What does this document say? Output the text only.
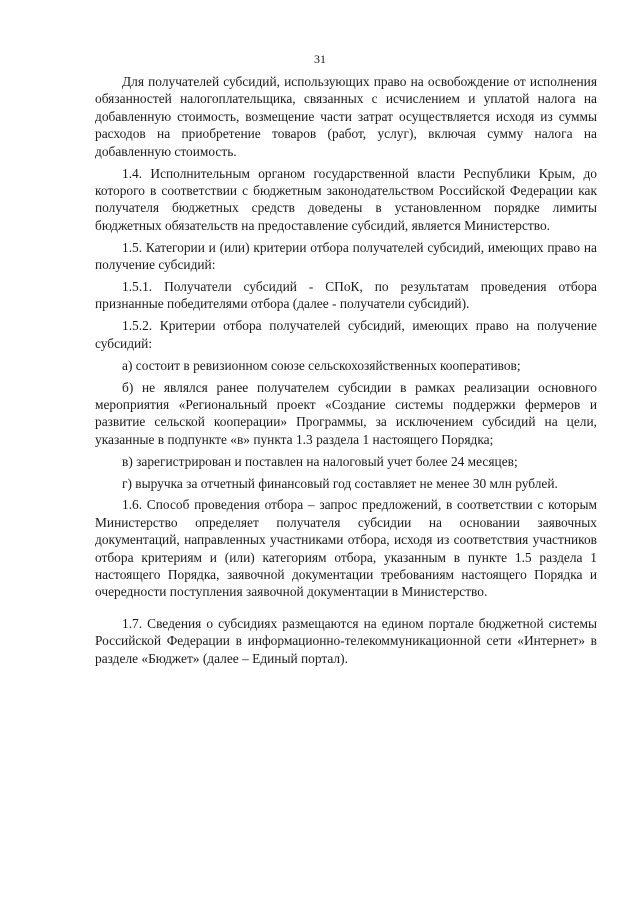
31

Для получателей субсидий, использующих право на освобождение от исполнения обязанностей налогоплательщика, связанных с исчислением и уплатой налога на добавленную стоимость, возмещение части затрат осуществляется исходя из суммы расходов на приобретение товаров (работ, услуг), включая сумму налога на добавленную стоимость.

1.4. Исполнительным органом государственной власти Республики Крым, до которого в соответствии с бюджетным законодательством Российской Федерации как получателя бюджетных средств доведены в установленном порядке лимиты бюджетных обязательств на предоставление субсидий, является Министерство.

1.5. Категории и (или) критерии отбора получателей субсидий, имеющих право на получение субсидий:

1.5.1. Получатели субсидий - СПоК, по результатам проведения отбора признанные победителями отбора (далее - получатели субсидий).

1.5.2. Критерии отбора получателей субсидий, имеющих право на получение субсидий:

а) состоит в ревизионном союзе сельскохозяйственных кооперативов;

б) не являлся ранее получателем субсидии в рамках реализации основного мероприятия «Региональный проект «Создание системы поддержки фермеров и развитие сельской кооперации» Программы, за исключением субсидий на цели, указанные в подпункте «в» пункта 1.3 раздела 1 настоящего Порядка;

в) зарегистрирован и поставлен на налоговый учет более 24 месяцев;

г) выручка за отчетный финансовый год составляет не менее 30 млн рублей.

1.6. Способ проведения отбора – запрос предложений, в соответствии с которым Министерство определяет получателя субсидии на основании заявочных документаций, направленных участниками отбора, исходя из соответствия участников отбора критериям и (или) категориям отбора, указанным в пункте 1.5 раздела 1 настоящего Порядка, заявочной документации требованиям настоящего Порядка и очередности поступления заявочной документации в Министерство.

1.7. Сведения о субсидиях размещаются на едином портале бюджетной системы Российской Федерации в информационно-телекоммуникационной сети «Интернет» в разделе «Бюджет» (далее – Единый портал).
